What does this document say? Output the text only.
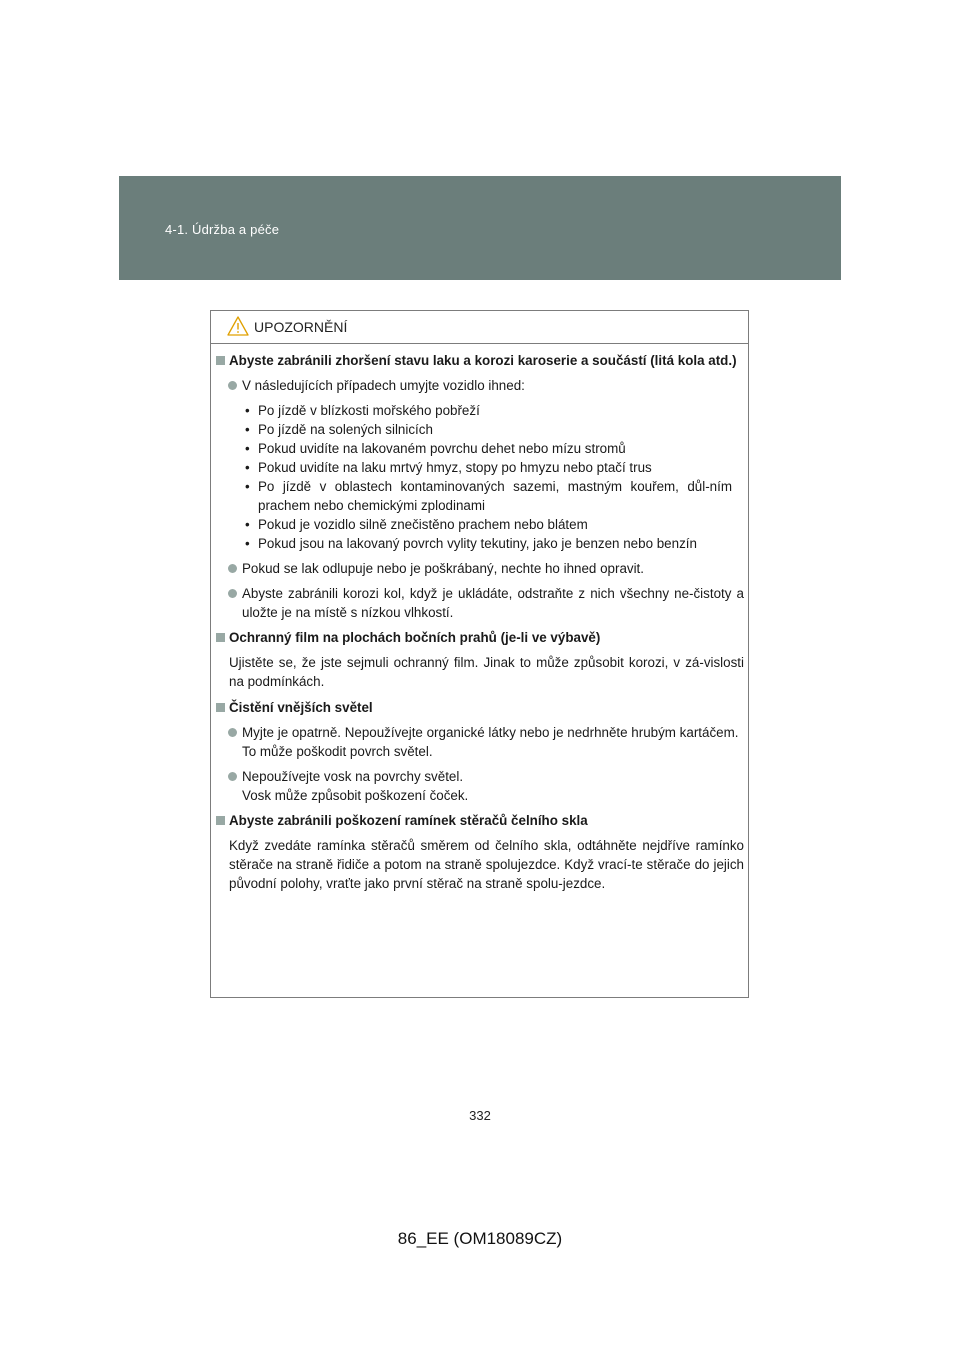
4-1. Údržba a péče
UPOZORNĚNÍ
Abyste zabránili zhoršení stavu laku a korozi karoserie a součástí (litá kola atd.)
V následujících případech umyjte vozidlo ihned:
• Po jízdě v blízkosti mořského pobřeží
• Po jízdě na solených silnicích
• Pokud uvidíte na lakovaném povrchu dehet nebo mízu stromů
• Pokud uvidíte na laku mrtvý hmyz, stopy po hmyzu nebo ptačí trus
• Po jízdě v oblastech kontaminovaných sazemi, mastným kouřem, důl-ním prachem nebo chemickými zplodinami
• Pokud je vozidlo silně znečistěno prachem nebo blátem
• Pokud jsou na lakovaný povrch vylity tekutiny, jako je benzen nebo benzín
Pokud se lak odlupuje nebo je poškrábaný, nechte ho ihned opravit.
Abyste zabránili korozi kol, když je ukládáte, odstraňte z nich všechny ne-čistoty a uložte je na místě s nízkou vlhkostí.
Ochranný film na plochách bočních prahů (je-li ve výbavě)
Ujistěte se, že jste sejmuli ochranný film. Jinak to může způsobit korozi, v zá-vislosti na podmínkách.
Čistění vnějších světel
Myjte je opatrně. Nepoužívejte organické látky nebo je nedrhněte hrubým kartáčem.
To může poškodit povrch světel.
Nepoužívejte vosk na povrchy světel.
Vosk může způsobit poškození čoček.
Abyste zabránili poškození ramínek stěračů čelního skla
Když zvedáte ramínka stěračů směrem od čelního skla, odtáhněte nejdříve ramínko stěrače na straně řidiče a potom na straně spolujezdce. Když vrací-te stěrače do jejich původní polohy, vraťte jako první stěrač na straně spolu-jezdce.
332
86_EE (OM18089CZ)
